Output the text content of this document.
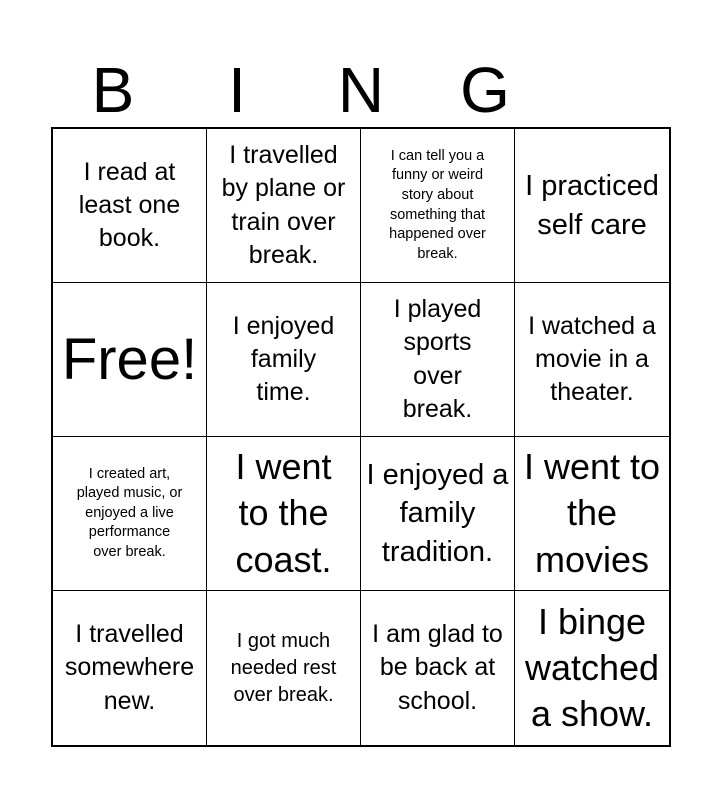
B	I	N	G
I read at least one book.
I travelled by plane or train over break.
I can tell you a funny or weird story about something that happened over break.
I practiced self care
Free!
I enjoyed family time.
I played sports over break.
I watched a movie in a theater.
I created art, played music, or enjoyed a live performance over break.
I went to the coast.
I enjoyed a family tradition.
I went to the movies
I travelled somewhere new.
I got much needed rest over break.
I am glad to be back at school.
I binge watched a show.
